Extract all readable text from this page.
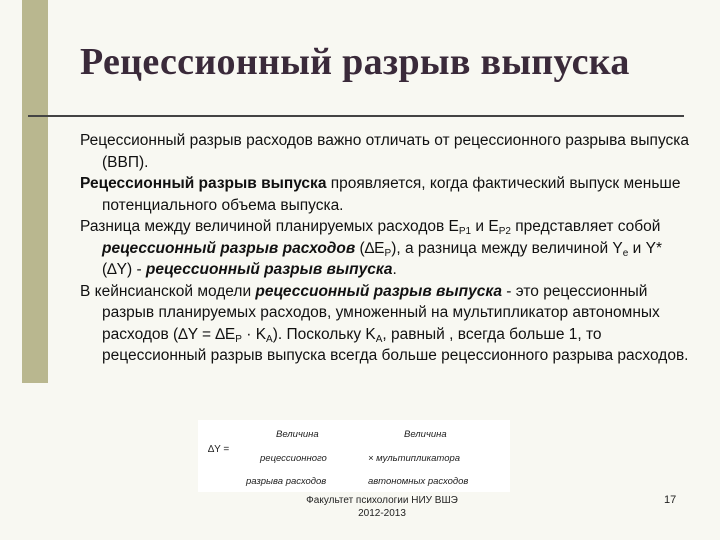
Рецессионный разрыв выпуска

Рецессионный разрыв расходов важно отличать от рецессионного разрыва выпуска (ВВП).

Рецессионный разрыв выпуска проявляется, когда фактический выпуск меньше потенциального объема выпуска.

Разница между величиной планируемых расходов $E_{P1}$ и $E_{P2}$ представляет собой рецессионный разрыв расходов $(\Delta E_P)$, а разница между величиной $Y_e$ и Y* (∆Y) - рецессионный разрыв выпуска.

В кейнсианской модели рецессионный разрыв выпуска - это рецессионный разрыв планируемых расходов, умноженный на мультипликатор автономных расходов $(\Delta Y = \Delta E_P \cdot K_A)$. Поскольку $K_A$, равный , всегда больше 1, то рецессионный разрыв выпуска всегда больше рецессионного разрыва расходов.

∆Y =
Величина	Величина
рецессионного	× мультипликатора
разрыва расходов	автономных расходов
Факультет психологии НИУ ВШЭ
2012-2013
17
